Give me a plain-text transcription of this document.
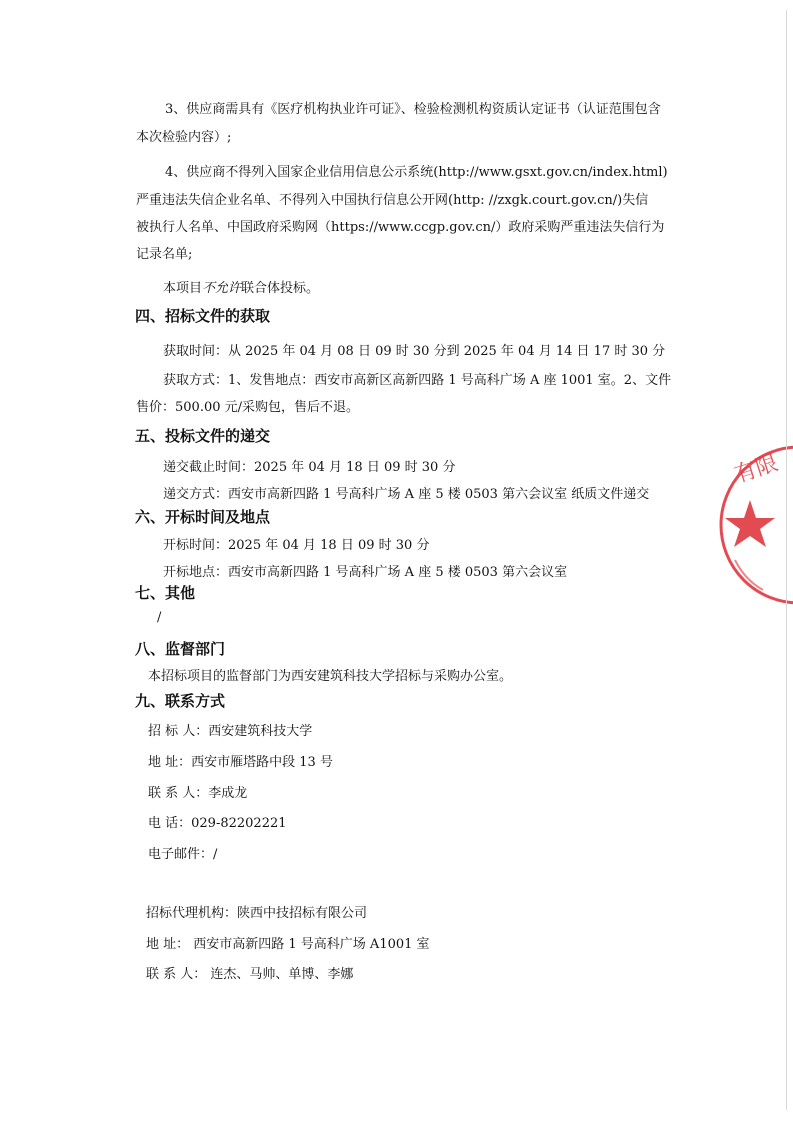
3、供应商需具有《医疗机构执业许可证》、检验检测机构资质认定证书（认证范围包含
本次检验内容）;
4、供应商不得列入国家企业信用信息公示系统(http://www.gsxt.gov.cn/index.html)
严重违法失信企业名单、不得列入中国执行信息公开网(http: //zxgk.court.gov.cn/)失信
被执行人名单、中国政府采购网（https://www.ccgp.gov.cn/）政府采购严重违法失信行为
记录名单;
本项目不允许联合体投标。
四、招标文件的获取
获取时间：从 2025 年 04 月 08 日 09 时 30 分到 2025 年 04 月 14 日 17 时 30 分
获取方式：1、发售地点：西安市高新区高新四路 1 号高科广场 A 座 1001 室。2、文件
售价：500.00 元/采购包，售后不退。
五、投标文件的递交
递交截止时间：2025 年 04 月 18 日 09 时 30 分
递交方式：西安市高新四路 1 号高科广场 A 座 5 楼 0503 第六会议室 纸质文件递交
六、开标时间及地点
开标时间：2025 年 04 月 18 日 09 时 30 分
开标地点：西安市高新四路 1 号高科广场 A 座 5 楼 0503 第六会议室
七、其他
/
八、监督部门
本招标项目的监督部门为西安建筑科技大学招标与采购办公室。
九、联系方式
招 标 人：西安建筑科技大学
地 址：西安市雁塔路中段 13 号
联 系 人：李成龙
电 话：029-82202221
电子邮件：/
招标代理机构：陕西中技招标有限公司
地 址： 西安市高新四路 1 号高科广场 A1001 室
联 系 人： 连杰、马帅、单博、李娜
有限
